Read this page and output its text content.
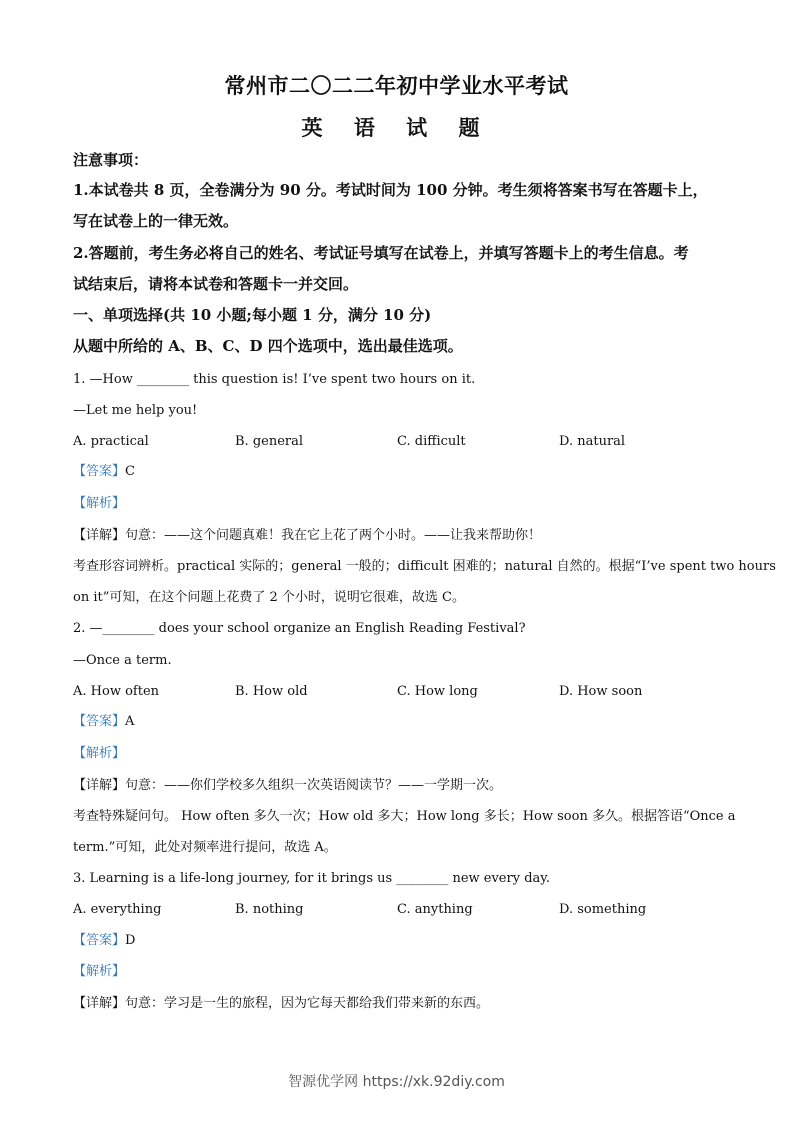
常州市二〇二二年初中学业水平考试
英 语 试 题
注意事项：
1.本试卷共 8 页，全卷满分为 90 分。考试时间为 100 分钟。考生须将答案书写在答题卡上，
写在试卷上的一律无效。
2.答题前，考生务必将自己的姓名、考试证号填写在试卷上，并填写答题卡上的考生信息。考
试结束后，请将本试卷和答题卡一并交回。
一、单项选择(共 10 小题;每小题 1 分，满分 10 分)
从题中所给的 A、B、C、D 四个选项中，选出最佳选项。
1. —How ________ this question is! I’ve spent two hours on it.
—Let me help you!
A. practical	B. general	C. difficult	D. natural
【答案】C
【解析】
【详解】句意：——这个问题真难！我在它上花了两个小时。——让我来帮助你！
考查形容词辨析。practical 实际的；general 一般的；difficult 困难的；natural 自然的。根据“I’ve spent two hours
on it”可知，在这个问题上花费了 2 个小时，说明它很难，故选 C。
2. —________ does your school organize an English Reading Festival?
—Once a term.
A. How often	B. How old	C. How long	D. How soon
【答案】A
【解析】
【详解】句意：——你们学校多久组织一次英语阅读节？——一学期一次。
考查特殊疑问句。 How often 多久一次；How old 多大；How long 多长；How soon 多久。根据答语“Once a
term.”可知，此处对频率进行提问，故选 A。
3. Learning is a life-long journey, for it brings us ________ new every day.
A. everything	B. nothing	C. anything	D. something
【答案】D
【解析】
【详解】句意：学习是一生的旅程，因为它每天都给我们带来新的东西。
智源优学网 https://xk.92diy.com
